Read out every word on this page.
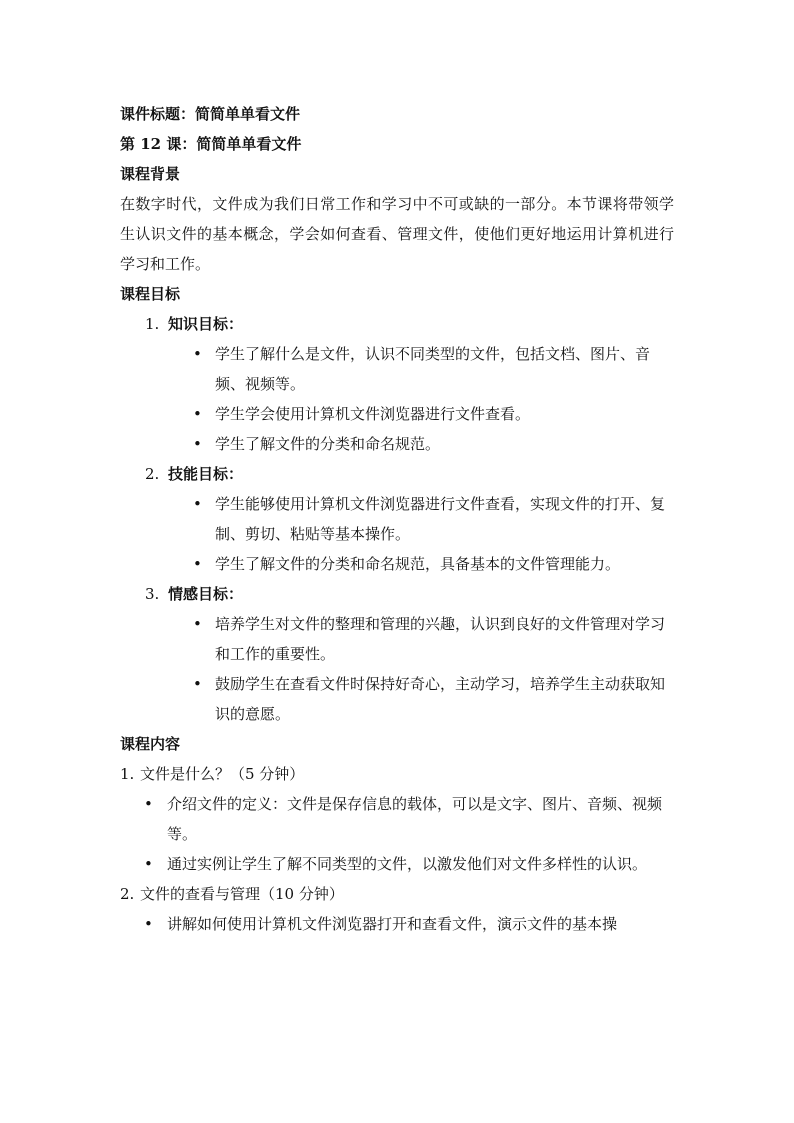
课件标题：简简单单看文件

第 12 课：简简单单看文件

课程背景

在数字时代，文件成为我们日常工作和学习中不可或缺的一部分。本节课将带领学生认识文件的基本概念，学会如何查看、管理文件，使他们更好地运用计算机进行学习和工作。

课程目标

1. 知识目标：

• 学生了解什么是文件，认识不同类型的文件，包括文档、图片、音频、视频等。
• 学生学会使用计算机文件浏览器进行文件查看。
• 学生了解文件的分类和命名规范。

2. 技能目标：

• 学生能够使用计算机文件浏览器进行文件查看，实现文件的打开、复制、剪切、粘贴等基本操作。
• 学生了解文件的分类和命名规范，具备基本的文件管理能力。

3. 情感目标：

• 培养学生对文件的整理和管理的兴趣，认识到良好的文件管理对学习和工作的重要性。
• 鼓励学生在查看文件时保持好奇心，主动学习，培养学生主动获取知识的意愿。

课程内容

1. 文件是什么？（5 分钟）

• 介绍文件的定义：文件是保存信息的载体，可以是文字、图片、音频、视频等。
• 通过实例让学生了解不同类型的文件，以激发他们对文件多样性的认识。

2. 文件的查看与管理（10 分钟）

• 讲解如何使用计算机文件浏览器打开和查看文件，演示文件的基本操
